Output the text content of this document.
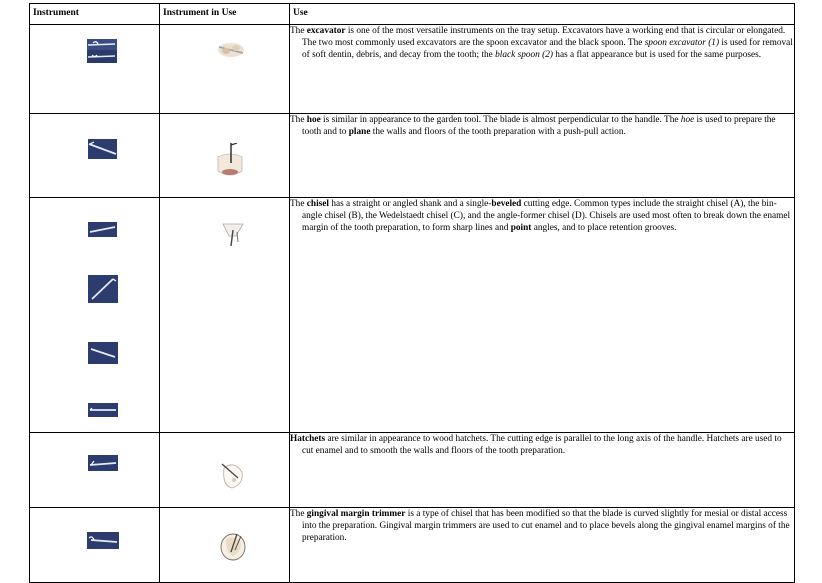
Instrument	Instrument in Use	Use

The excavator is one of the most versatile instruments on the tray setup. Excavators have a working end that is circular or elongated. The two most commonly used excavators are the spoon excavator and the black spoon. The spoon excavator (1) is used for removal of soft dentin, debris, and decay from the tooth; the black spoon (2) has a flat appearance but is used for the same purposes.

The hoe is similar in appearance to the garden tool. The blade is almost perpendicular to the handle. The hoe is used to prepare the tooth and to plane the walls and floors of the tooth preparation with a push-pull action.

The chisel has a straight or angled shank and a single-beveled cutting edge. Common types include the straight chisel (A), the bin-angle chisel (B), the Wedelstaedt chisel (C), and the angle-former chisel (D). Chisels are used most often to break down the enamel margin of the tooth preparation, to form sharp lines and point angles, and to place retention grooves.

Hatchets are similar in appearance to wood hatchets. The cutting edge is parallel to the long axis of the handle. Hatchets are used to cut enamel and to smooth the walls and floors of the tooth preparation.

The gingival margin trimmer is a type of chisel that has been modified so that the blade is curved slightly for mesial or distal access into the preparation. Gingival margin trimmers are used to cut enamel and to place bevels along the gingival enamel margins of the preparation.
